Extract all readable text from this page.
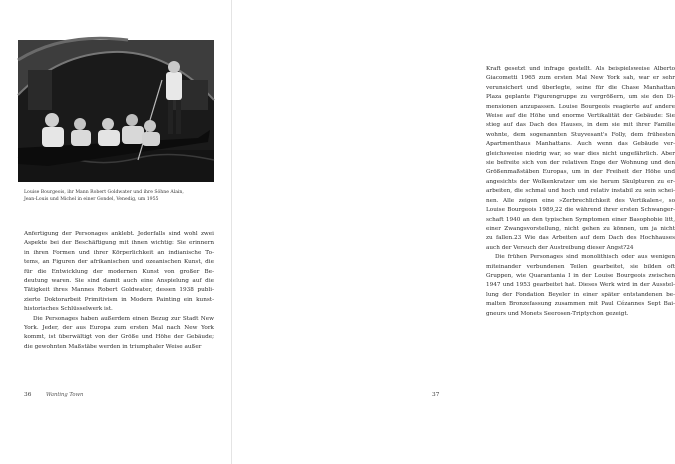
Louise Bourgeois, ihr Mann Robert Goldwater und ihre Söhne Alain,
Jean-Louis und Michel in einer Gondel, Venedig, um 1955
Anfertigung der Personages anklebt. Jederfalls sind wohl zwei
Aspekte bei der Beschäftigung mit ihnen wichtig: Sie erinnern
in ihren Formen und ihrer Körperlichkeit an indianische To-
tems, an Figuren der afrikanischen und ozeanischen Kunst, die
für die Entwicklung der modernen Kunst von großer Be-
deutung waren. Sie sind damit auch eine Anspielung auf die
Tätigkeit ihres Mannes Robert Goldwater, dessen 1938 publi-
zierte Doktorarbeit Primitivism in Modern Painting ein kunst-
historisches Schlüsselwerk ist.
Die Personages haben außerdem einen Bezug zur Stadt New
York. Jeder, der aus Europa zum ersten Mal nach New York
kommt, ist überwältigt von der Größe und Höhe der Gebäude;
die gewohnten Maßstäbe werden in triumphaler Weise außer
36	Wanting Town
Kraft gesetzt und infrage gestellt. Als beispielsweise Alberto
Giacometti 1965 zum ersten Mal New York sah, war er sehr
verunsichert und überlegte, seine für die Chase Manhattan
Plaza geplante Figurengruppe zu vergrößern, um sie den Di-
mensionen anzupassen. Louise Bourgeois reagierte auf andere
Weise auf die Höhe und enorme Vertikalität der Gebäude: Sie
stieg auf das Dach des Hauses, in dem sie mit ihrer Familie
wohnte, dem sogenannten Stuyvesant's Folly, dem frühesten
Apartmenthaus Manhattans. Auch wenn das Gebäude ver-
gleichsweise niedrig war, so war dies nicht ungefährlich. Aber
sie befreite sich von der relativen Enge der Wohnung und den
Größenmaßstäben Europas, um in der Freiheit der Höhe und
angesichts der Wolkenkratzer um sie herum Skulpturen zu er-
arbeiten, die schmal und hoch und relativ instabil zu sein schei-
nen. Alle zeigen eine »Zerbrechlichkeit des Vertikalen«, so
Louise Bourgeois 1989,22 die während ihrer ersten Schwanger-
schaft 1940 an den typischen Symptomen einer Basophobie litt,
einer Zwangsvorstellung, nicht gehen zu können, um ja nicht
zu fallen.23 Wie das Arbeiten auf dem Dach des Hochhauses
auch der Versuch der Austreibung dieser Angst?24
Die frühen Personages sind monolithisch oder aus wenigen
miteinander verbundenen Teilen gearbeitet, sie bilden oft
Gruppen, wie Quarantania I in der Louise Bourgeois zwischen
1947 und 1953 gearbeitet hat. Dieses Werk wird in der Ausstel-
lung der Fondation Beyeler in einer später entstandenen be-
malten Bronzefassung zusammen mit Paul Cézannes Sept Bai-
gneurs und Monets Seerosen-Triptychon gezeigt.
37
